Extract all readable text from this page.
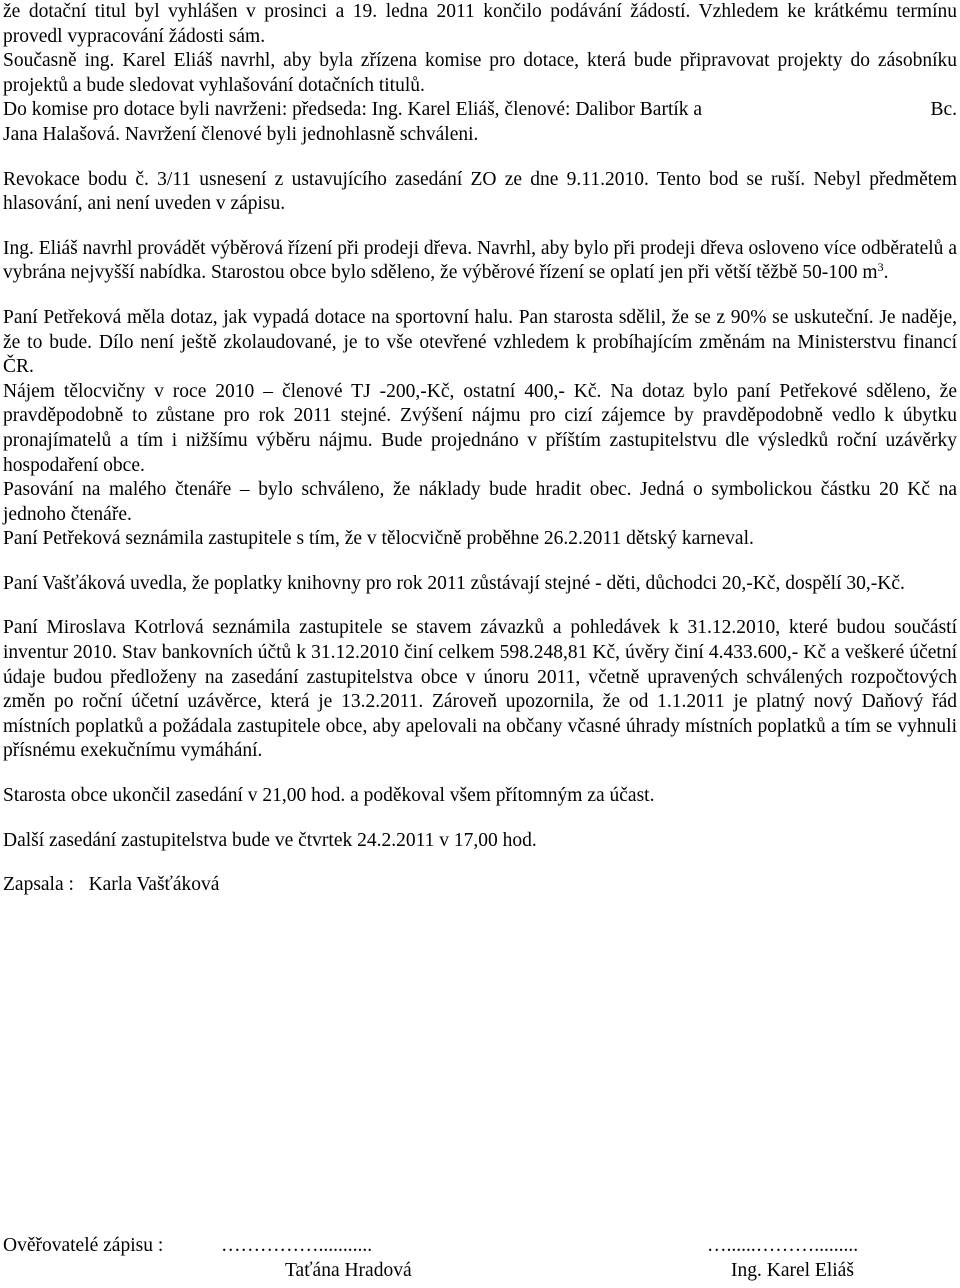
že dotační titul byl vyhlášen v prosinci a 19. ledna 2011 končilo podávání žádostí. Vzhledem ke krátkému termínu provedl vypracování žádosti sám.

Současně ing. Karel Eliáš navrhl, aby byla zřízena komise pro dotace, která bude připravovat projekty do zásobníku projektů a bude sledovat vyhlašování dotačních titulů.

Do komise pro dotace byli navrženi: předseda: Ing. Karel Eliáš, členové: Dalibor Bartík a	Bc.

Jana Halašová. Navržení členové byli jednohlasně schváleni.

Revokace bodu č. 3/11 usnesení z ustavujícího zasedání ZO ze dne 9.11.2010. Tento bod se ruší. Nebyl předmětem hlasování, ani není uveden v zápisu.

Ing. Eliáš navrhl provádět výběrová řízení při prodeji dřeva. Navrhl, aby bylo při prodeji dřeva osloveno více odběratelů a vybrána nejvyšší nabídka. Starostou obce bylo sděleno, že výběrové řízení se oplatí jen při větší těžbě 50-100 $m^3$.

Paní Petřeková měla dotaz, jak vypadá dotace na sportovní halu. Pan starosta sdělil, že se z 90% se uskuteční. Je naděje, že to bude. Dílo není ještě zkolaudované, je to vše otevřené vzhledem k probíhajícím změnám na Ministerstvu financí ČR.

Nájem tělocvičny v roce 2010 – členové TJ -200,-Kč, ostatní 400,- Kč. Na dotaz bylo paní Petřekové sděleno, že pravděpodobně to zůstane pro rok 2011 stejné. Zvýšení nájmu pro cizí zájemce by pravděpodobně vedlo k úbytku pronajímatelů a tím i nižšímu výběru nájmu. Bude projednáno v příštím zastupitelstvu dle výsledků roční uzávěrky hospodaření obce.

Pasování na malého čtenáře – bylo schváleno, že náklady bude hradit obec. Jedná o symbolickou částku 20 Kč na jednoho čtenáře.

Paní Petřeková seznámila zastupitele s tím, že v tělocvičně proběhne 26.2.2011 dětský karneval.

Paní Vašťáková uvedla, že poplatky knihovny pro rok 2011 zůstávají stejné - děti, důchodci 20,-Kč, dospělí 30,-Kč.

Paní Miroslava Kotrlová seznámila zastupitele se stavem závazků a pohledávek k 31.12.2010, které budou součástí inventur 2010. Stav bankovních účtů k 31.12.2010 činí celkem 598.248,81 Kč, úvěry činí 4.433.600,- Kč a veškeré účetní údaje budou předloženy na zasedání zastupitelstva obce v únoru 2011, včetně upravených schválených rozpočtových změn po roční účetní uzávěrce, která je 13.2.2011. Zároveň upozornila, že od 1.1.2011 je platný nový Daňový řád místních poplatků a požádala zastupitele obce, aby apelovali na občany včasné úhrady místních poplatků a tím se vyhnuli přísnému exekučnímu vymáhání.

Starosta obce ukončil zasedání v 21,00 hod. a poděkoval všem přítomným za účast.

Další zasedání zastupitelstva bude ve čtvrtek 24.2.2011 v 17,00 hod.

Zapsala : Karla Vašťáková

Ověřovatelé zápisu :	……………...........	…......……….........
Taťána Hradová	Ing. Karel Eliáš
